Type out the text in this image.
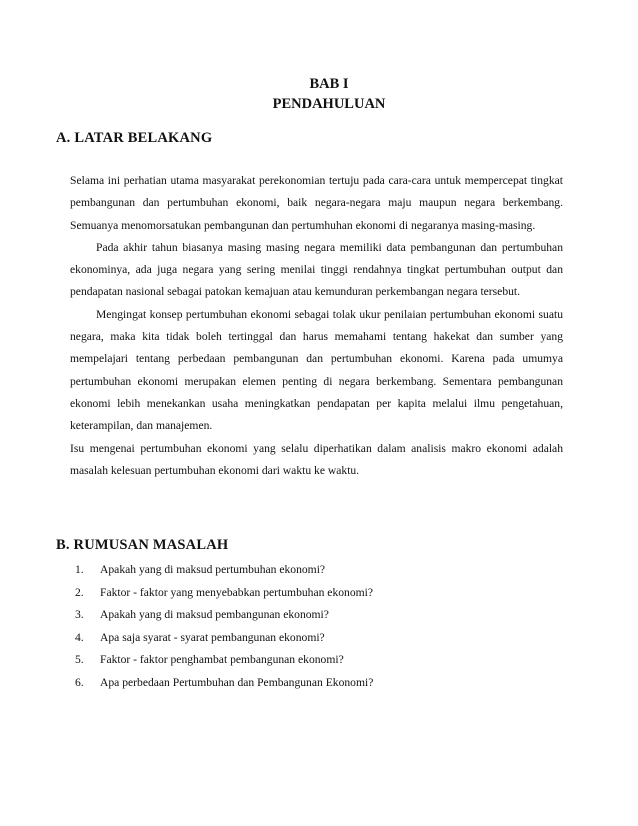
BAB I
PENDAHULUAN
A. LATAR BELAKANG

Selama ini perhatian utama masyarakat perekonomian tertuju pada cara-cara untuk mempercepat tingkat pembangunan dan pertumbuhan ekonomi, baik negara-negara maju maupun negara berkembang. Semuanya menomorsatukan pembangunan dan pertumhuhan ekonomi di negaranya masing-masing.

Pada akhir tahun biasanya masing masing negara memiliki data pembangunan dan pertumbuhan ekonominya, ada juga negara yang sering menilai tinggi rendahnya tingkat pertumbuhan output dan pendapatan nasional sebagai patokan kemajuan atau kemunduran perkembangan negara tersebut.

Mengingat konsep pertumbuhan ekonomi sebagai tolak ukur penilaian pertumbuhan ekonomi suatu negara, maka kita tidak boleh tertinggal dan harus memahami tentang hakekat dan sumber yang mempelajari tentang perbedaan pembangunan dan pertumbuhan ekonomi. Karena pada umumya pertumbuhan ekonomi merupakan elemen penting di negara berkembang. Sementara pembangunan ekonomi lebih menekankan usaha meningkatkan pendapatan per kapita melalui ilmu pengetahuan, keterampilan, dan manajemen.

Isu mengenai pertumbuhan ekonomi yang selalu diperhatikan dalam analisis makro ekonomi adalah masalah kelesuan pertumbuhan ekonomi dari waktu ke waktu.

B. RUMUSAN MASALAH
1. Apakah yang di maksud pertumbuhan ekonomi?
2. Faktor - faktor yang menyebabkan pertumbuhan ekonomi?
3. Apakah yang di maksud pembangunan ekonomi?
4. Apa saja syarat - syarat pembangunan ekonomi?
5. Faktor - faktor penghambat pembangunan ekonomi?
6. Apa perbedaan Pertumbuhan dan Pembangunan Ekonomi?
